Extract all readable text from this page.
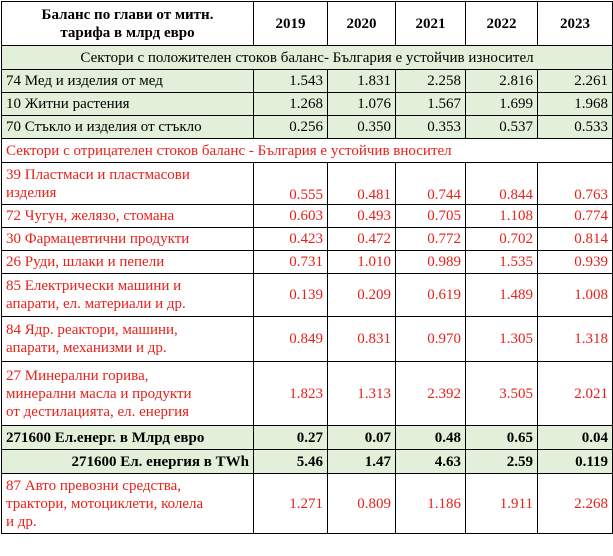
Баланс по глави от митн.
тарифа в млрд евро	2019	2020	2021	2022	2023
Сектори с положителен стоков баланс- България е устойчив износител					

74 Мед и изделия от мед	1.543	1.831	2.258	2.816	2.261

10 Житни растения	1.268	1.076	1.567	1.699	1.968

70 Стъкло и изделия от стъкло	0.256	0.350	0.353	0.537	0.533
Сектори с отрицателен стоков баланс - България е устойчив вносител					

39 Пластмаси и пластмасови
изделия	0.555	0.481	0.744	0.844	0.763

72 Чугун, желязо, стомана	0.603	0.493	0.705	1.108	0.774

30 Фармацевтични продукти	0.423	0.472	0.772	0.702	0.814

26 Руди, шлаки и пепели	0.731	1.010	0.989	1.535	0.939

85 Електрически машини и
апарати, ел. материали и др.	0.139	0.209	0.619	1.489	1.008

84 Ядр. реактори, машини,
апарати, механизми и др.	0.849	0.831	0.970	1.305	1.318

27 Минерални горива,
минерални масла и продукти
от дестилацията, ел. енергия	1.823	1.313	2.392	3.505	2.021
271600 Ел.енерг. в Млрд евро	0.27	0.07	0.48	0.65	0.04
271600 Ел. енергия в TWh	5.46	1.47	4.63	2.59	0.119

87 Авто превозни средства,
трактори, мотоциклети, колела
и др.	1.271	0.809	1.186	1.911	2.268
